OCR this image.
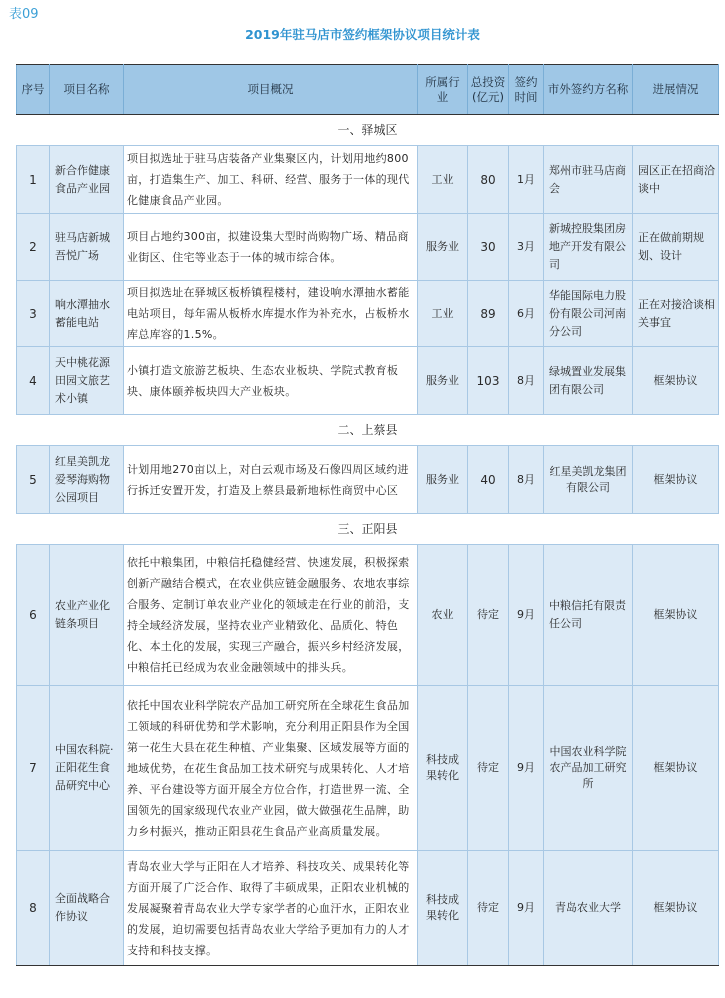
表09
2019年驻马店市签约框架协议项目统计表
序号	项目名称	项目概况	所属行业	总投资(亿元)	签约时间	市外签约方名称	进展情况
一、驿城区							
1	新合作健康食品产业园	项目拟选址于驻马店装备产业集聚区内，计划用地约800亩，打造集生产、加工、科研、经营、服务于一体的现代化健康食品产业园。	工业	80	1月	郑州市驻马店商会	园区正在招商洽谈中
2	驻马店新城吾悦广场	项目占地约300亩，拟建设集大型时尚购物广场、精品商业街区、住宅等业态于一体的城市综合体。	服务业	30	3月	新城控股集团房地产开发有限公司	正在做前期规划、设计
3	响水潭抽水蓄能电站	项目拟选址在驿城区板桥镇程楼村，建设响水潭抽水蓄能电站项目，每年需从板桥水库提水作为补充水，占板桥水库总库容的1.5%。	工业	89	6月	华能国际电力股份有限公司河南分公司	正在对接洽谈相关事宜
4	天中桃花源田园文旅艺术小镇	小镇打造文旅游艺板块、生态农业板块、学院式教育板块、康体颐养板块四大产业板块。	服务业	103	8月	绿城置业发展集团有限公司	框架协议
二、上蔡县							
5	红星美凯龙爱琴海购物公园项目	计划用地270亩以上，对白云观市场及石像四周区域约进行拆迁安置开发，打造及上蔡县最新地标性商贸中心区	服务业	40	8月	红星美凯龙集团有限公司	框架协议
三、正阳县							
6	农业产业化链条项目	依托中粮集团，中粮信托稳健经营、快速发展，积极探索创新产融结合模式，在农业供应链金融服务、农地农事综合服务、定制订单农业产业化的领域走在行业的前沿，支持全域经济发展，坚持农业产业精致化、品质化、特色化、本土化的发展，实现三产融合，振兴乡村经济发展，中粮信托已经成为农业金融领域中的排头兵。	农业	待定	9月	中粮信托有限责任公司	框架协议
7	中国农科院·正阳花生食品研究中心	依托中国农业科学院农产品加工研究所在全球花生食品加工领域的科研优势和学术影响，充分利用正阳县作为全国第一花生大县在花生种植、产业集聚、区域发展等方面的地域优势，在花生食品加工技术研究与成果转化、人才培养、平台建设等方面开展全方位合作，打造世界一流、全国领先的国家级现代农业产业园，做大做强花生品牌，助力乡村振兴，推动正阳县花生食品产业高质量发展。	科技成果转化	待定	9月	中国农业科学院农产品加工研究所	框架协议
8	全面战略合作协议	青岛农业大学与正阳在人才培养、科技攻关、成果转化等方面开展了广泛合作、取得了丰硕成果，正阳农业机械的发展凝聚着青岛农业大学专家学者的心血汗水，正阳农业的发展，迫切需要包括青岛农业大学给予更加有力的人才支持和科技支撑。	科技成果转化	待定	9月	青岛农业大学	框架协议
